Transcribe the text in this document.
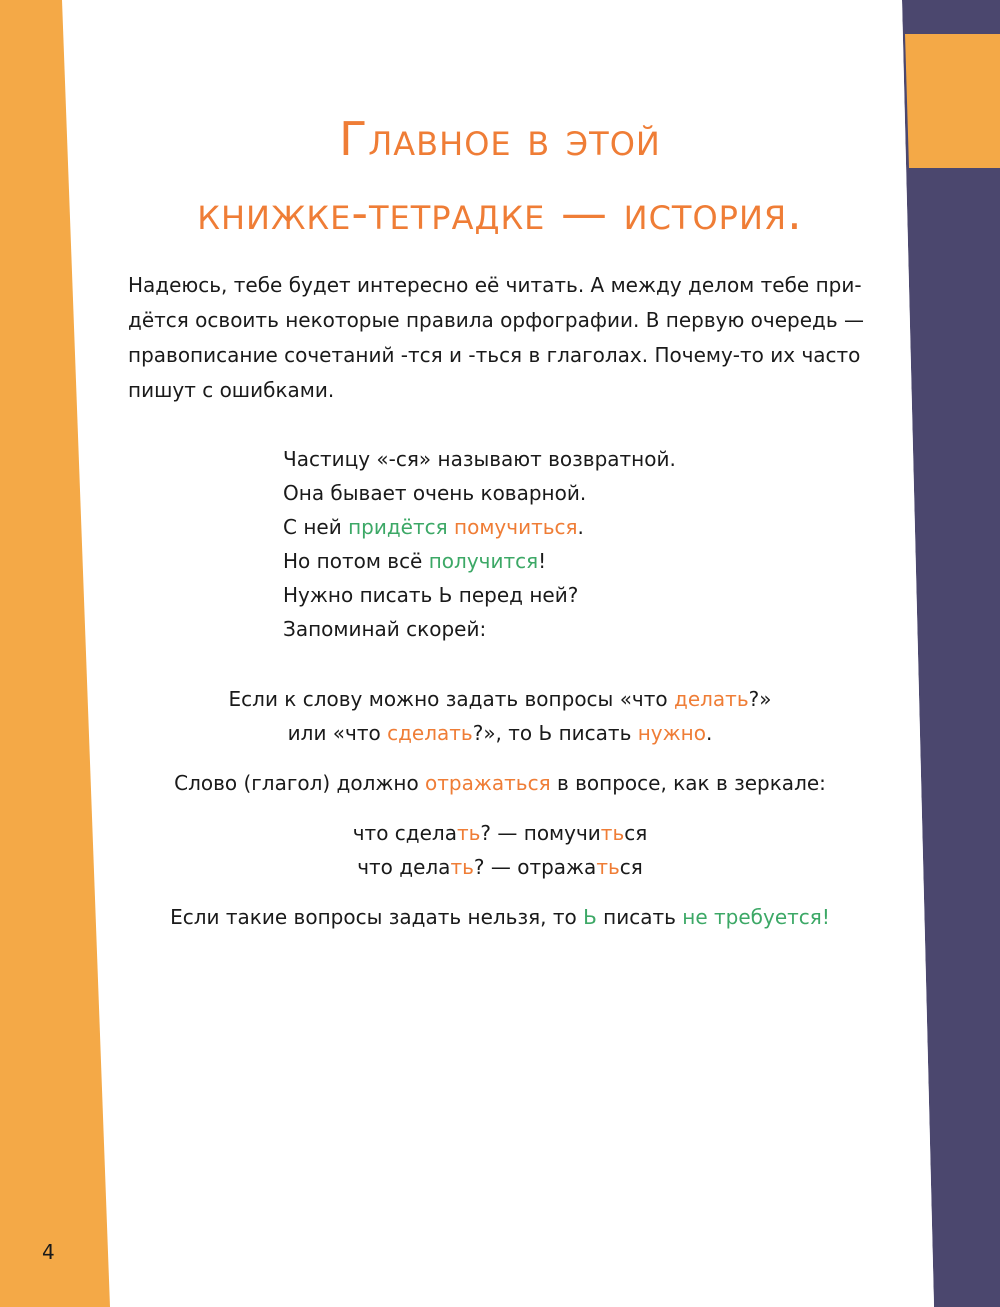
Главное в этой
книжке-тетрадке — история.

Надеюсь, тебе будет интересно её читать. А между делом тебе при-дётся освоить некоторые правила орфографии. В первую очередь — правописание сочетаний -тся и -ться в глаголах. Почему-то их часто пишут с ошибками.

Частицу «-ся» называют возвратной.
Она бывает очень коварной.
С ней придётся помучиться.
Но потом всё получится!
Нужно писать Ь перед ней?
Запоминай скорей:
Если к слову можно задать вопросы «что делать?»
или «что сделать?», то Ь писать нужно.
Слово (глагол) должно отражаться в вопросе, как в зеркале:
что сделать? — помучиться
что делать? — отражаться
Если такие вопросы задать нельзя, то Ь писать не требуется!
4
